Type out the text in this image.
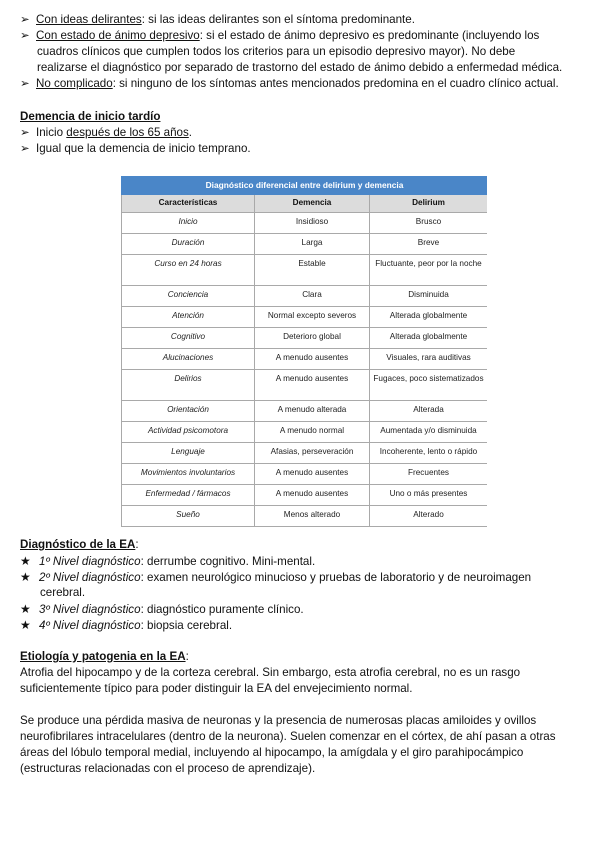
➢ Con ideas delirantes: si las ideas delirantes son el síntoma predominante.
➢ Con estado de ánimo depresivo: si el estado de ánimo depresivo es predominante (incluyendo los
cuadros clínicos que cumplen todos los criterios para un episodio depresivo mayor). No debe
realizarse el diagnóstico por separado de trastorno del estado de ánimo debido a enfermedad médica.
➢ No complicado: si ninguno de los síntomas antes mencionados predomina en el cuadro clínico actual.
Demencia de inicio tardío
➢ Inicio después de los 65 años.
➢ Igual que la demencia de inicio temprano.
Diagnóstico diferencial entre delirium y demencia		
Características	Demencia	Delirium
Inicio	Insidioso	Brusco
Duración	Larga	Breve
Curso en 24 horas	Estable	Fluctuante, peor por la noche
Conciencia	Clara	Disminuida
Atención	Normal excepto severos	Alterada globalmente
Cognitivo	Deterioro global	Alterada globalmente
Alucinaciones	A menudo ausentes	Visuales, rara auditivas
Delirios	A menudo ausentes	Fugaces, poco sistematizados
Orientación	A menudo alterada	Alterada
Actividad psicomotora	A menudo normal	Aumentada y/o disminuida
Lenguaje	Afasias, perseveración	Incoherente, lento o rápido
Movimientos involuntarios	A menudo ausentes	Frecuentes
Enfermedad / fármacos	A menudo ausentes	Uno o más presentes
Sueño	Menos alterado	Alterado
Diagnóstico de la EA:
★ 1º Nivel diagnóstico: derrumbe cognitivo. Mini-mental.
★ 2º Nivel diagnóstico: examen neurológico minucioso y pruebas de laboratorio y de neuroimagen
cerebral.
★ 3º Nivel diagnóstico: diagnóstico puramente clínico.
★ 4º Nivel diagnóstico: biopsia cerebral.
Etiología y patogenia en la EA:
Atrofia del hipocampo y de la corteza cerebral. Sin embargo, esta atrofia cerebral, no es un rasgo
suficientemente típico para poder distinguir la EA del envejecimiento normal.
Se produce una pérdida masiva de neuronas y la presencia de numerosas placas amiloides y ovillos
neurofibrilares intracelulares (dentro de la neurona). Suelen comenzar en el córtex, de ahí pasan a otras
áreas del lóbulo temporal medial, incluyendo al hipocampo, la amígdala y el giro parahipocámpico
(estructuras relacionadas con el proceso de aprendizaje).
